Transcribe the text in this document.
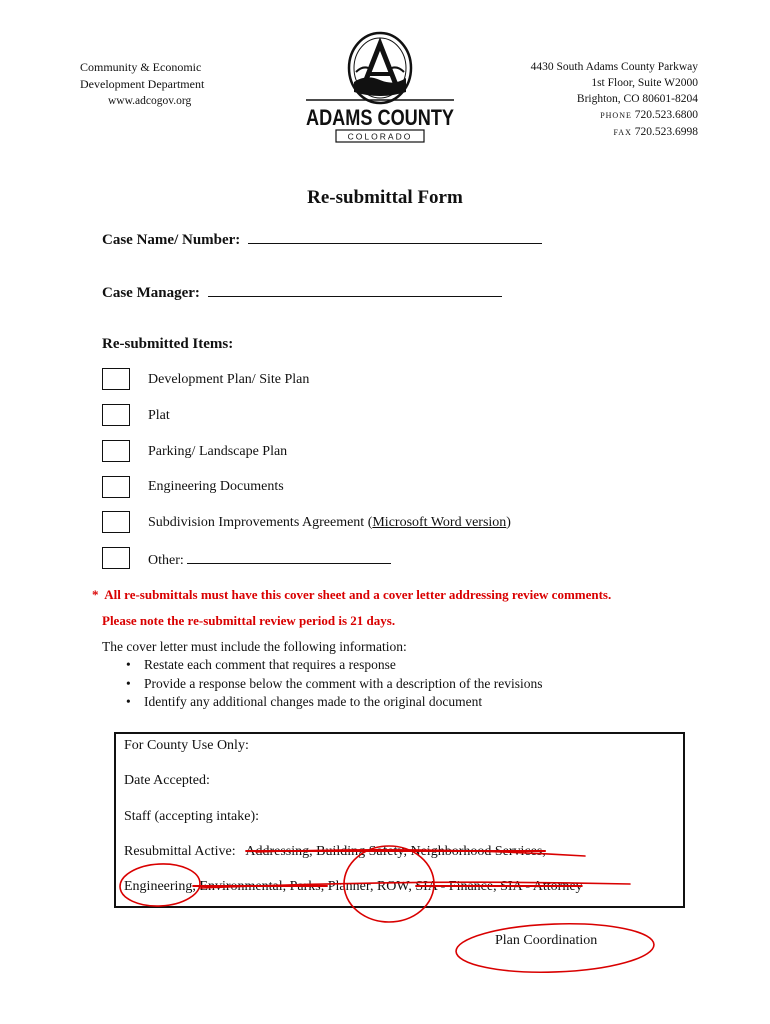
Community & Economic
Development Department
www.adcogov.org
ADAMS COUNTY
COLORADO
4430 South Adams County Parkway
1st Floor, Suite W2000
Brighton, CO 80601-8204
PHONE 720.523.6800
FAX 720.523.6998
Re-submittal Form
Case Name/ Number:
Case Manager:
Re-submitted Items:
Development Plan/ Site Plan
Plat
Parking/ Landscape Plan
Engineering Documents
Subdivision Improvements Agreement (Microsoft Word version)
Other:
* All re-submittals must have this cover sheet and a cover letter addressing review comments.
Please note the re-submittal review period is 21 days.
The cover letter must include the following information:
• Restate each comment that requires a response
• Provide a response below the comment with a description of the revisions
• Identify any additional changes made to the original document
For County Use Only:
Date Accepted:
Staff (accepting intake):
Resubmittal Active: Addressing, Building Safety, Neighborhood Services,
Engineering, Environmental, Parks, Planner, ROW, SIA - Finance, SIA - Attorney
Plan Coordination
